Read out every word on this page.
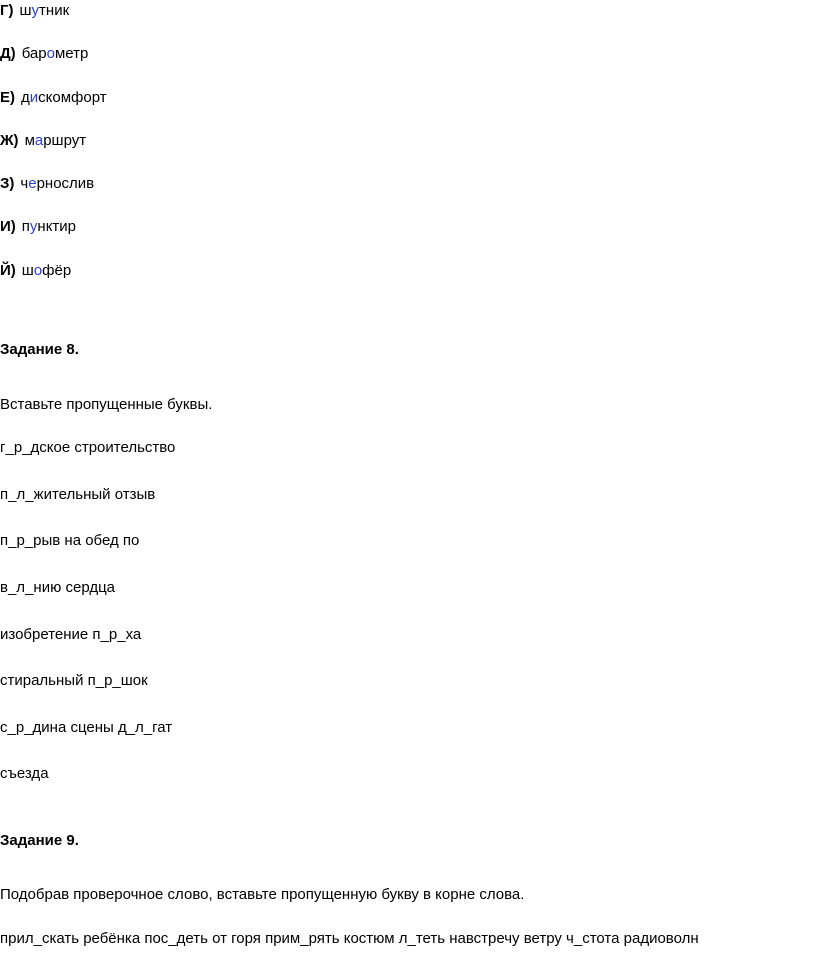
Г) шутник
Д) барометр
Е) дискомфорт
Ж) маршрут
З) чернослив
И) пунктир
Й) шофёр
Задание 8.
Вставьте пропущенные буквы.
г_р_дское строительство
п_л_жительный отзыв
п_р_рыв на обед по
в_л_нию сердца
изобретение п_р_ха
стиральный п_р_шок
с_р_дина сцены д_л_гат
съезда
Задание 9.
Подобрав проверочное слово, вставьте пропущенную букву в корне слова.
прил_скать ребёнка пос_деть от горя прим_рять костюм л_теть навстречу ветру ч_стота радиоволн
